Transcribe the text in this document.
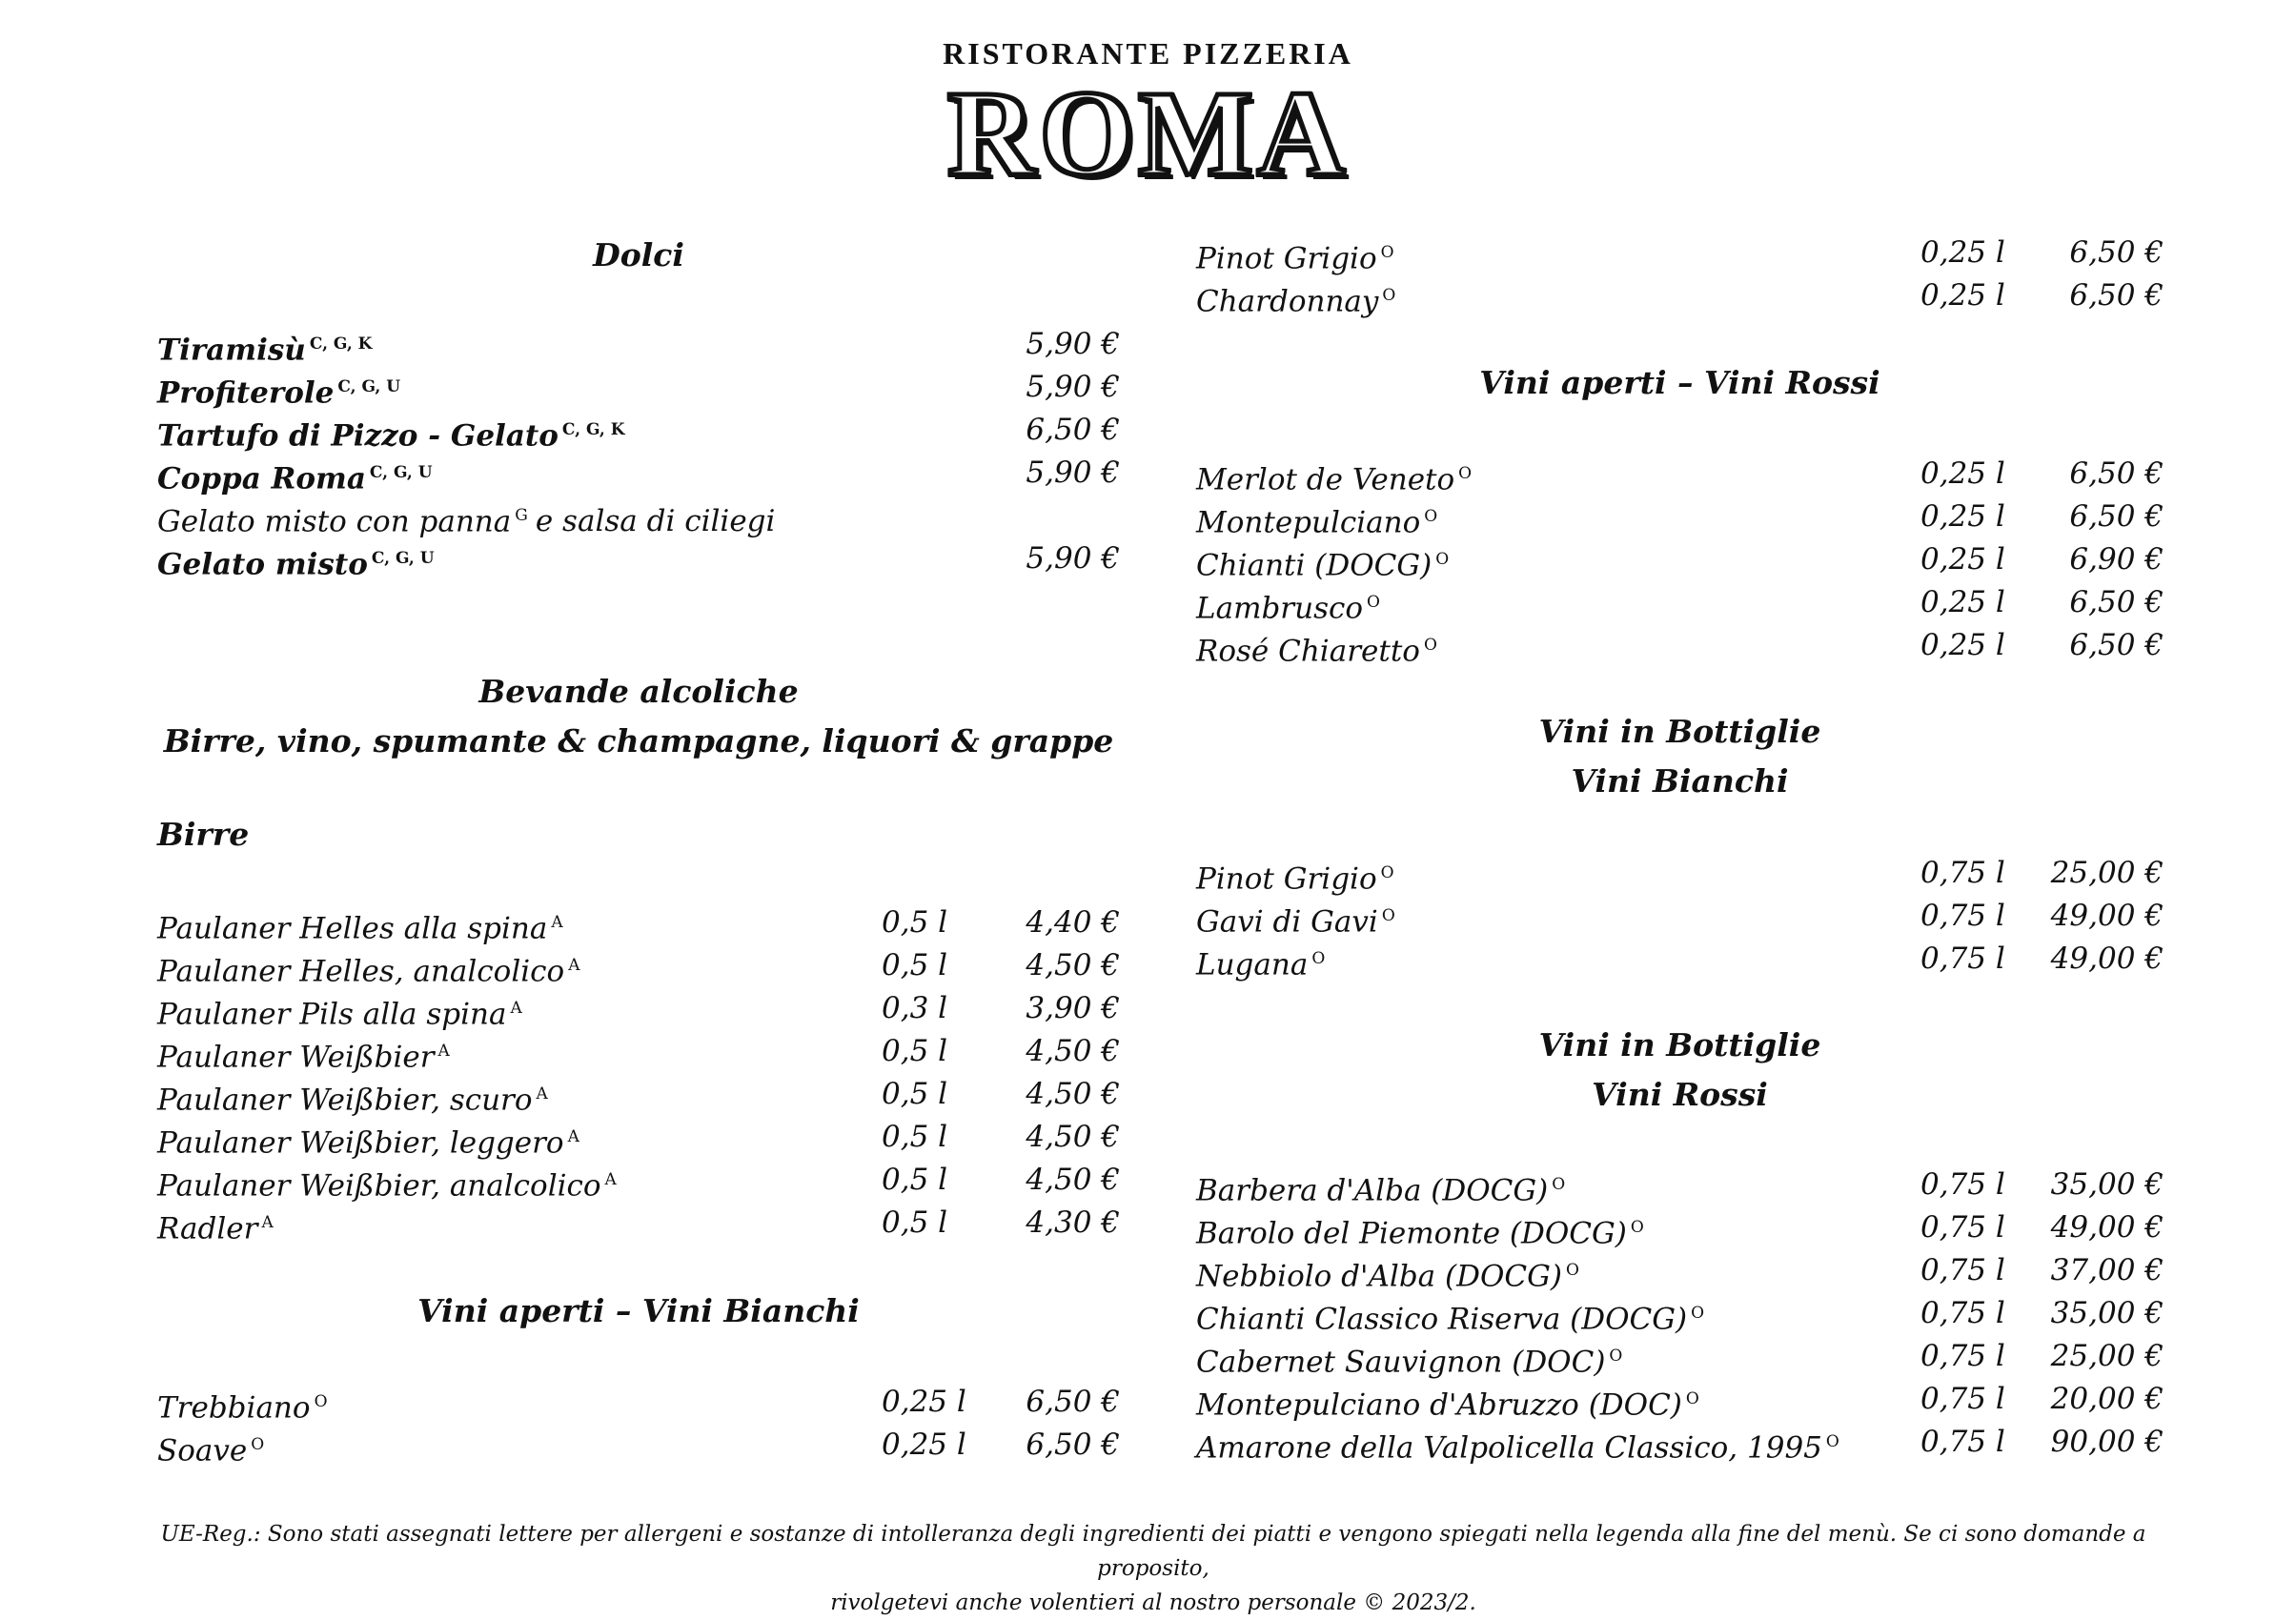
RISTORANTE PIZZERIA
ROMA
Dolci
Tiramisù $^{C, G, K}$	5,90 €
Profiterole $^{C, G, U}$	5,90 €
Tartufo di Pizzo - Gelato $^{C, G, K}$	6,50 €
Coppa Roma $^{C, G, U}$	5,90 €
Gelato misto con panna $^G$ e salsa di ciliegi
Gelato misto $^{C, G, U}$	5,90 €
Bevande alcoliche
Birre, vino, spumante & champagne, liquori & grappe
Birre
Paulaner Helles alla spina $^A$	0,5 l	4,40 €
Paulaner Helles, analcolico $^A$	0,5 l	4,50 €
Paulaner Pils alla spina $^A$	0,3 l	3,90 €
Paulaner Weißbier $^A$	0,5 l	4,50 €
Paulaner Weißbier, scuro $^A$	0,5 l	4,50 €
Paulaner Weißbier, leggero $^A$	0,5 l	4,50 €
Paulaner Weißbier, analcolico $^A$	0,5 l	4,50 €
Radler $^A$	0,5 l	4,30 €
Vini aperti – Vini Bianchi
Trebbiano $^O$	0,25 l 6,50 €
Soave $^O$	0,25 l 6,50 €
Pinot Grigio $^O$	0,25 l 6,50 €
Chardonnay $^O$	0,25 l 6,50 €
Vini aperti – Vini Rossi
Merlot de Veneto $^O$	0,25 l 6,50 €
Montepulciano $^O$	0,25 l 6,50 €
Chianti (DOCG) $^O$	0,25 l 6,90 €
Lambrusco $^O$	0,25 l 6,50 €
Rosé Chiaretto $^O$	0,25 l 6,50 €
Vini in Bottiglie
Vini Bianchi
Pinot Grigio $^O$	0,75 l 25,00 €
Gavi di Gavi $^O$	0,75 l 49,00 €
Lugana $^O$	0,75 l 49,00 €
Vini in Bottiglie
Vini Rossi
Barbera d'Alba (DOCG) $^O$	0,75 l 35,00 €
Barolo del Piemonte (DOCG) $^O$	0,75 l 49,00 €
Nebbiolo d'Alba (DOCG) $^O$	0,75 l 37,00 €
Chianti Classico Riserva (DOCG) $^O$	0,75 l 35,00 €
Cabernet Sauvignon (DOC) $^O$	0,75 l 25,00 €
Montepulciano d'Abruzzo (DOC) $^O$	0,75 l 20,00 €
Amarone della Valpolicella Classico, 1995 $^O$	0,75 l 90,00 €
UE-Reg.: Sono stati assegnati lettere per allergeni e sostanze di intolleranza degli ingredienti dei piatti e vengono spiegati nella legenda alla fine del menù. Se ci sono domande a proposito,
rivolgetevi anche volentieri al nostro personale © 2023/2.
